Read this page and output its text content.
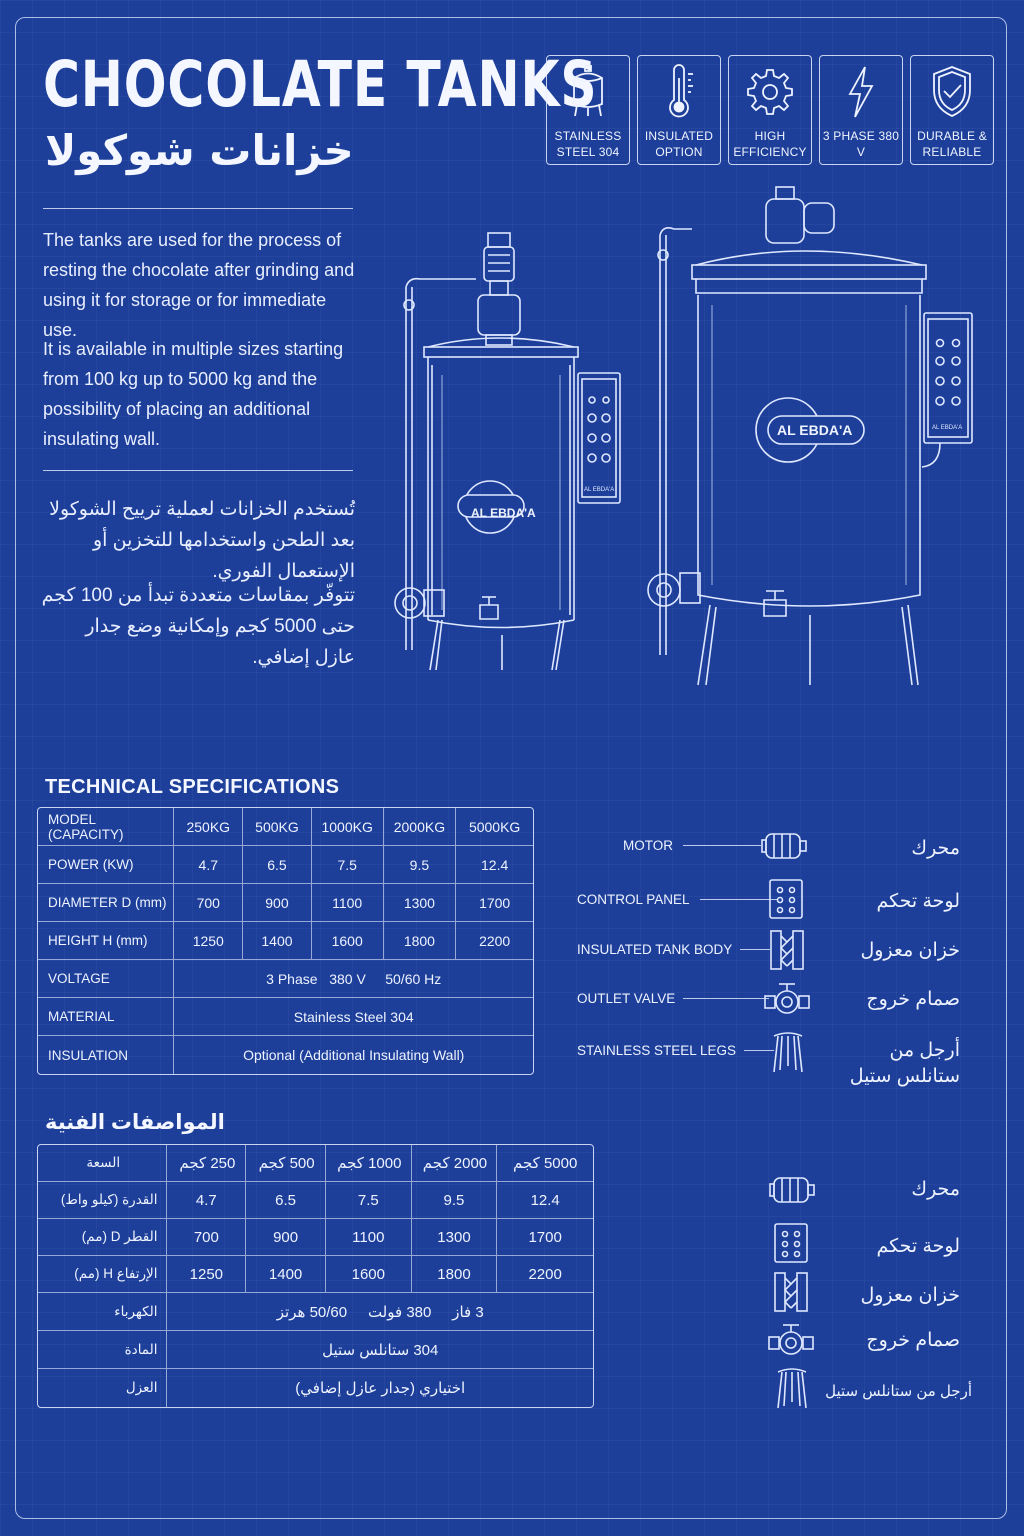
CHOCOLATE TANKS
خزانات شوكولا	STAINLESS STEEL 304
INSULATED OPTION
HIGH EFFICIENCY
3 PHASE 380 V
DURABLE & RELIABLE

The tanks are used for the process of resting the chocolate after grinding and using it for storage or for immediate use.

It is available in multiple sizes starting from 100 kg up to 5000 kg and the possibility of placing an additional insulating wall.

تُستخدم الخزانات لعملية ترييح الشوكولا بعد الطحن واستخدامها للتخزين أو الإستعمال الفوري.

تتوفّر بمقاسات متعددة تبدأ من 100 كجم حتى 5000 كجم وإمكانية وضع جدار عازل إضافي.

AL EBDA'A
AL EBDA'A
AL EBDA'A
AL EBDA'A
TECHNICAL SPECIFICATIONS
MODEL (CAPACITY)	250KG	500KG	1000KG	2000KG	5000KG
POWER (KW)	4.7	6.5	7.5	9.5	12.4
DIAMETER D (mm)	700	900	1100	1300	1700
HEIGHT H (mm)	1250	1400	1600	1800	2200
VOLTAGE	3 Phase   380 V     50/60 Hz				
MATERIAL	Stainless Steel 304				
INSULATION	Optional (Additional Insulating Wall)				
MOTOR
CONTROL PANEL
INSULATED TANK BODY
OUTLET VALVE
STAINLESS STEEL LEGS
محرك
لوحة تحكم
خزان معزول
صمام خروج
أرجل من ستانلس ستيل
المواصفات الفنية
السعة	250 كجم	500 كجم	1000 كجم	2000 كجم	5000 كجم
القدرة (كيلو واط)	4.7	6.5	7.5	9.5	12.4
القطر D (مم)	700	900	1100	1300	1700
الإرتفاع H (مم)	1250	1400	1600	1800	2200
الكهرباء	3 فاز     380 فولت     50/60 هرتز				
المادة	304 ستانلس ستيل				
العزل	اختياري (جدار عازل إضافي)				
محرك
لوحة تحكم
خزان معزول
صمام خروج
أرجل من ستانلس ستيل
